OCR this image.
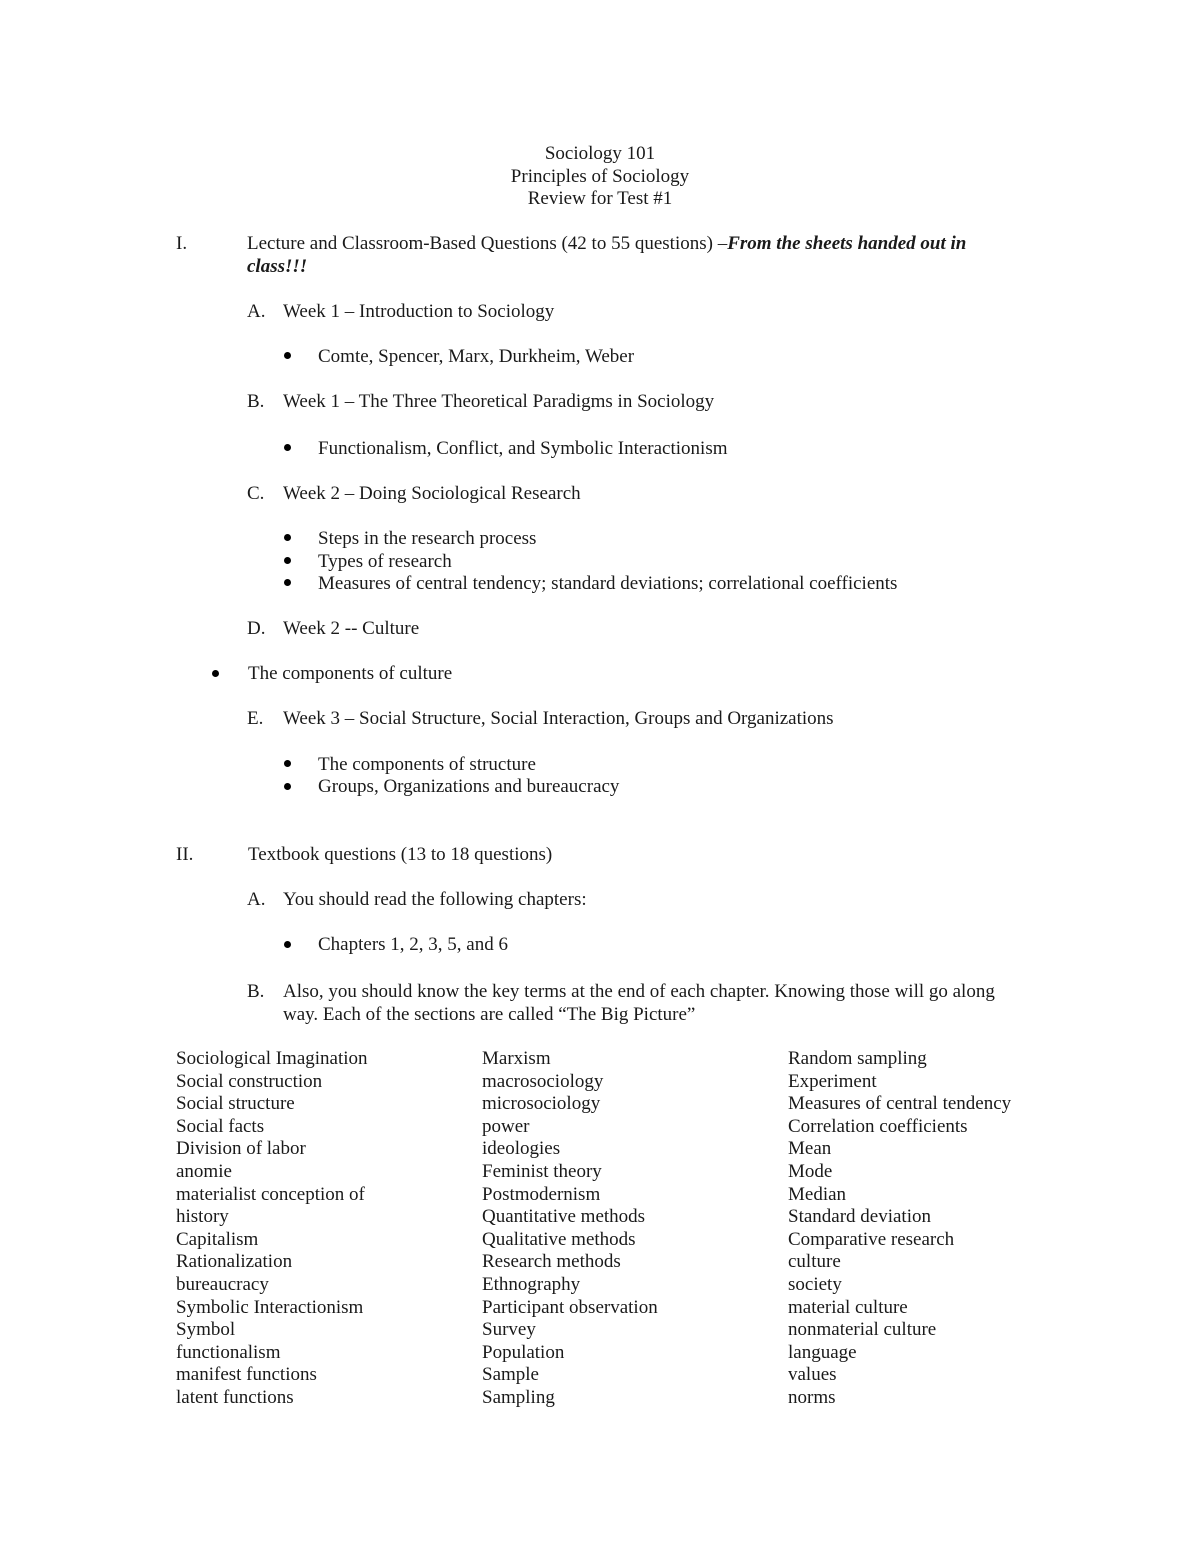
Sociology 101
Principles of Sociology
Review for Test #1
I.	Lecture and Classroom-Based Questions (42 to 55 questions) –From the sheets handed out in
class!!!
A. Week 1 – Introduction to Sociology
Comte, Spencer, Marx, Durkheim, Weber
B. Week 1 – The Three Theoretical Paradigms in Sociology
Functionalism, Conflict, and Symbolic Interactionism
C. Week 2 – Doing Sociological Research
Steps in the research process
Types of research
Measures of central tendency; standard deviations; correlational coefficients
D. Week 2 -- Culture
The components of culture
E. Week 3 – Social Structure, Social Interaction, Groups and Organizations
The components of structure
Groups, Organizations and bureaucracy
II.	Textbook questions (13 to 18 questions)
A. You should read the following chapters:
Chapters 1, 2, 3, 5, and 6
B. Also, you should know the key terms at the end of each chapter. Knowing those will go along
way. Each of the sections are called “The Big Picture”
Sociological Imagination
Social construction
Social structure
Social facts
Division of labor
anomie
materialist conception of
history
Capitalism
Rationalization
bureaucracy
Symbolic Interactionism
Symbol
functionalism
manifest functions
latent functions
Marxism
macrosociology
microsociology
power
ideologies
Feminist theory
Postmodernism
Quantitative methods
Qualitative methods
Research methods
Ethnography
Participant observation
Survey
Population
Sample
Sampling
Random sampling
Experiment
Measures of central tendency
Correlation coefficients
Mean
Mode
Median
Standard deviation
Comparative research
culture
society
material culture
nonmaterial culture
language
values
norms
